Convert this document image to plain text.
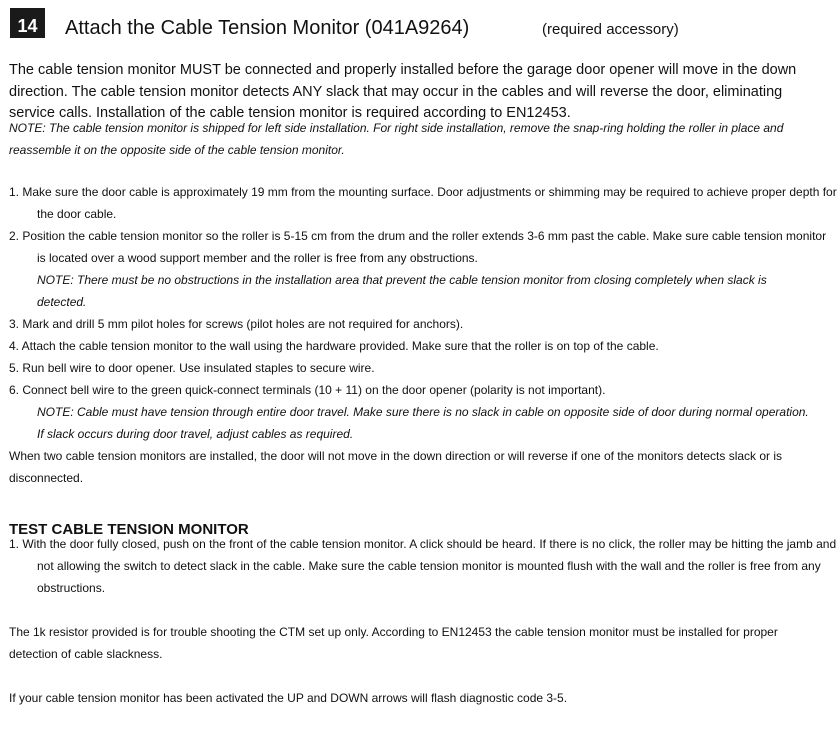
14	Attach the Cable Tension Monitor (041A9264)	(required accessory)

The cable tension monitor MUST be connected and properly installed before the garage door opener will move in the down direction. The cable tension monitor detects ANY slack that may occur in the cables and will reverse the door, eliminating service calls. Installation of the cable tension monitor is required according to EN12453.

NOTE: The cable tension monitor is shipped for left side installation. For right side installation, remove the snap-ring holding the roller in place and reassemble it on the opposite side of the cable tension monitor.

1. Make sure the door cable is approximately 19 mm from the mounting surface. Door adjustments or shimming may be required to achieve proper depth for the door cable.

2. Position the cable tension monitor so the roller is 5-15 cm from the drum and the roller extends 3-6 mm past the cable. Make sure cable tension monitor is located over a wood support member and the roller is free from any obstructions.

NOTE: There must be no obstructions in the installation area that prevent the cable tension monitor from closing completely when slack is detected.

3. Mark and drill 5 mm pilot holes for screws (pilot holes are not required for anchors).

4. Attach the cable tension monitor to the wall using the hardware provided. Make sure that the roller is on top of the cable.

5. Run bell wire to door opener. Use insulated staples to secure wire.

6. Connect bell wire to the green quick-connect terminals (10 + 11) on the door opener (polarity is not important).

NOTE: Cable must have tension through entire door travel. Make sure there is no slack in cable on opposite side of door during normal operation. If slack occurs during door travel, adjust cables as required.

When two cable tension monitors are installed, the door will not move in the down direction or will reverse if one of the monitors detects slack or is disconnected.

TEST CABLE TENSION MONITOR

1. With the door fully closed, push on the front of the cable tension monitor. A click should be heard. If there is no click, the roller may be hitting the jamb and not allowing the switch to detect slack in the cable. Make sure the cable tension monitor is mounted flush with the wall and the roller is free from any obstructions.

The 1k resistor provided is for trouble shooting the CTM set up only. According to EN12453 the cable tension monitor must be installed for proper detection of cable slackness.

If your cable tension monitor has been activated the UP and DOWN arrows will flash diagnostic code 3-5.
